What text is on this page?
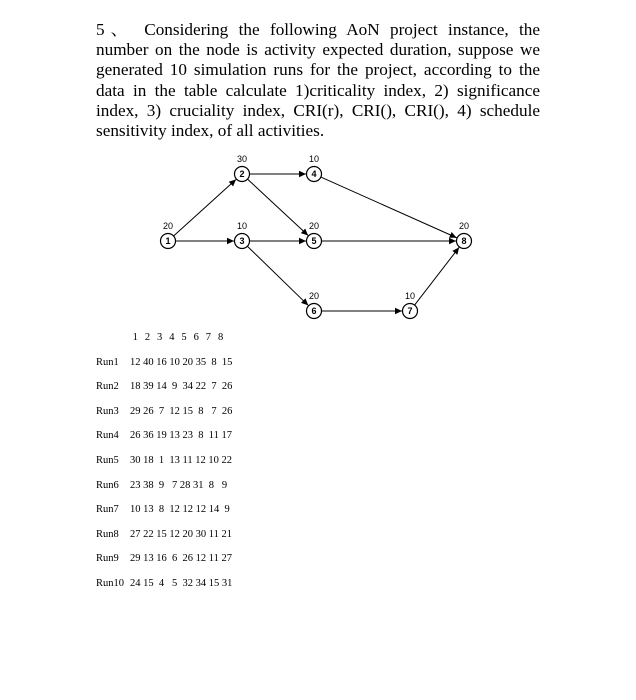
5、 Considering the following AoN project instance, the number on the node is activity expected duration, suppose we generated 10 simulation runs for the project, according to the data in the table calculate 1)criticality index, 2) significance index, 3) cruciality index, CRI(r), CRI(), CRI(), 4) schedule sensitivity index, of all activities.
1
20
2
30
3
10
4
10
5
20
6
20
7
10
8
20
1 2 3 4 5 6 7 8
Run1 12 40 16 10 20 35  8  15
Run2 18 39 14  9  34 22  7  26
Run3 29 26  7  12 15  8   7  26
Run4 26 36 19 13 23  8  11 17
Run5 30 18  1  13 11 12 10 22
Run6 23 38  9   7 28 31  8   9
Run7 10 13  8  12 12 12 14  9
Run8 27 22 15 12 20 30 11 21
Run9 29 13 16  6  26 12 11 27
Run10 24 15  4   5  32 34 15 31
